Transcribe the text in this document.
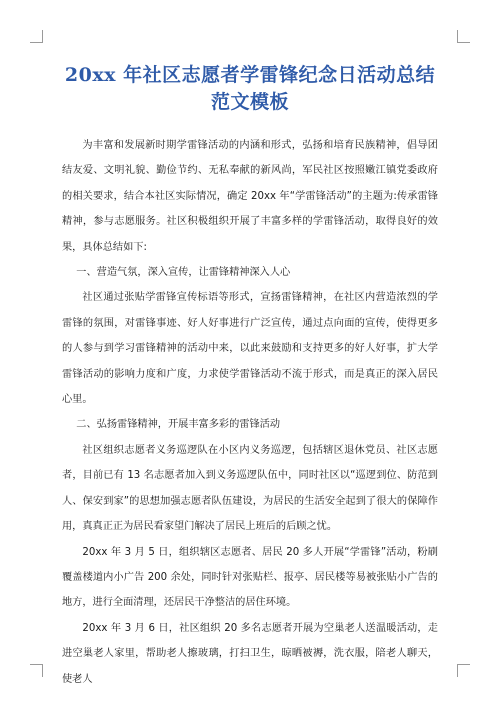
20xx 年社区志愿者学雷锋纪念日活动总结范文模板

为丰富和发展新时期学雷锋活动的内涵和形式，弘扬和培育民族精神，倡导团结友爱、文明礼貌、勤俭节约、无私奉献的新风尚，军民社区按照嫩江镇党委政府的相关要求，结合本社区实际情况，确定 20xx 年“学雷锋活动”的主题为:传承雷锋精神，参与志愿服务。社区积极组织开展了丰富多样的学雷锋活动，取得良好的效果，具体总结如下:

一、营造气氛，深入宣传，让雷锋精神深入人心

社区通过张贴学雷锋宣传标语等形式，宣扬雷锋精神，在社区内营造浓烈的学雷锋的氛围，对雷锋事迹、好人好事进行广泛宣传，通过点向面的宣传，使得更多的人参与到学习雷锋精神的活动中来，以此来鼓励和支持更多的好人好事，扩大学雷锋活动的影响力度和广度，力求使学雷锋活动不流于形式，而是真正的深入居民心里。

二、弘扬雷锋精神，开展丰富多彩的雷锋活动

社区组织志愿者义务巡逻队在小区内义务巡逻，包括辖区退休党员、社区志愿者，目前已有 13 名志愿者加入到义务巡逻队伍中，同时社区以“巡逻到位、防范到人、保安到家”的思想加强志愿者队伍建设，为居民的生活安全起到了很大的保障作用，真真正正为居民看家望门解决了居民上班后的后顾之忧。

20xx 年 3 月 5 日，组织辖区志愿者、居民 20 多人开展“学雷锋”活动，粉刷覆盖楼道内小广告 200 余处，同时针对张贴栏、报亭、居民楼等易被张贴小广告的地方，进行全面清理，还居民干净整洁的居住环境。

20xx 年 3 月 6 日，社区组织 20 多名志愿者开展为空巢老人送温暖活动，走进空巢老人家里，帮助老人擦玻璃，打扫卫生，晾晒被褥，洗衣服，陪老人聊天，使老人
